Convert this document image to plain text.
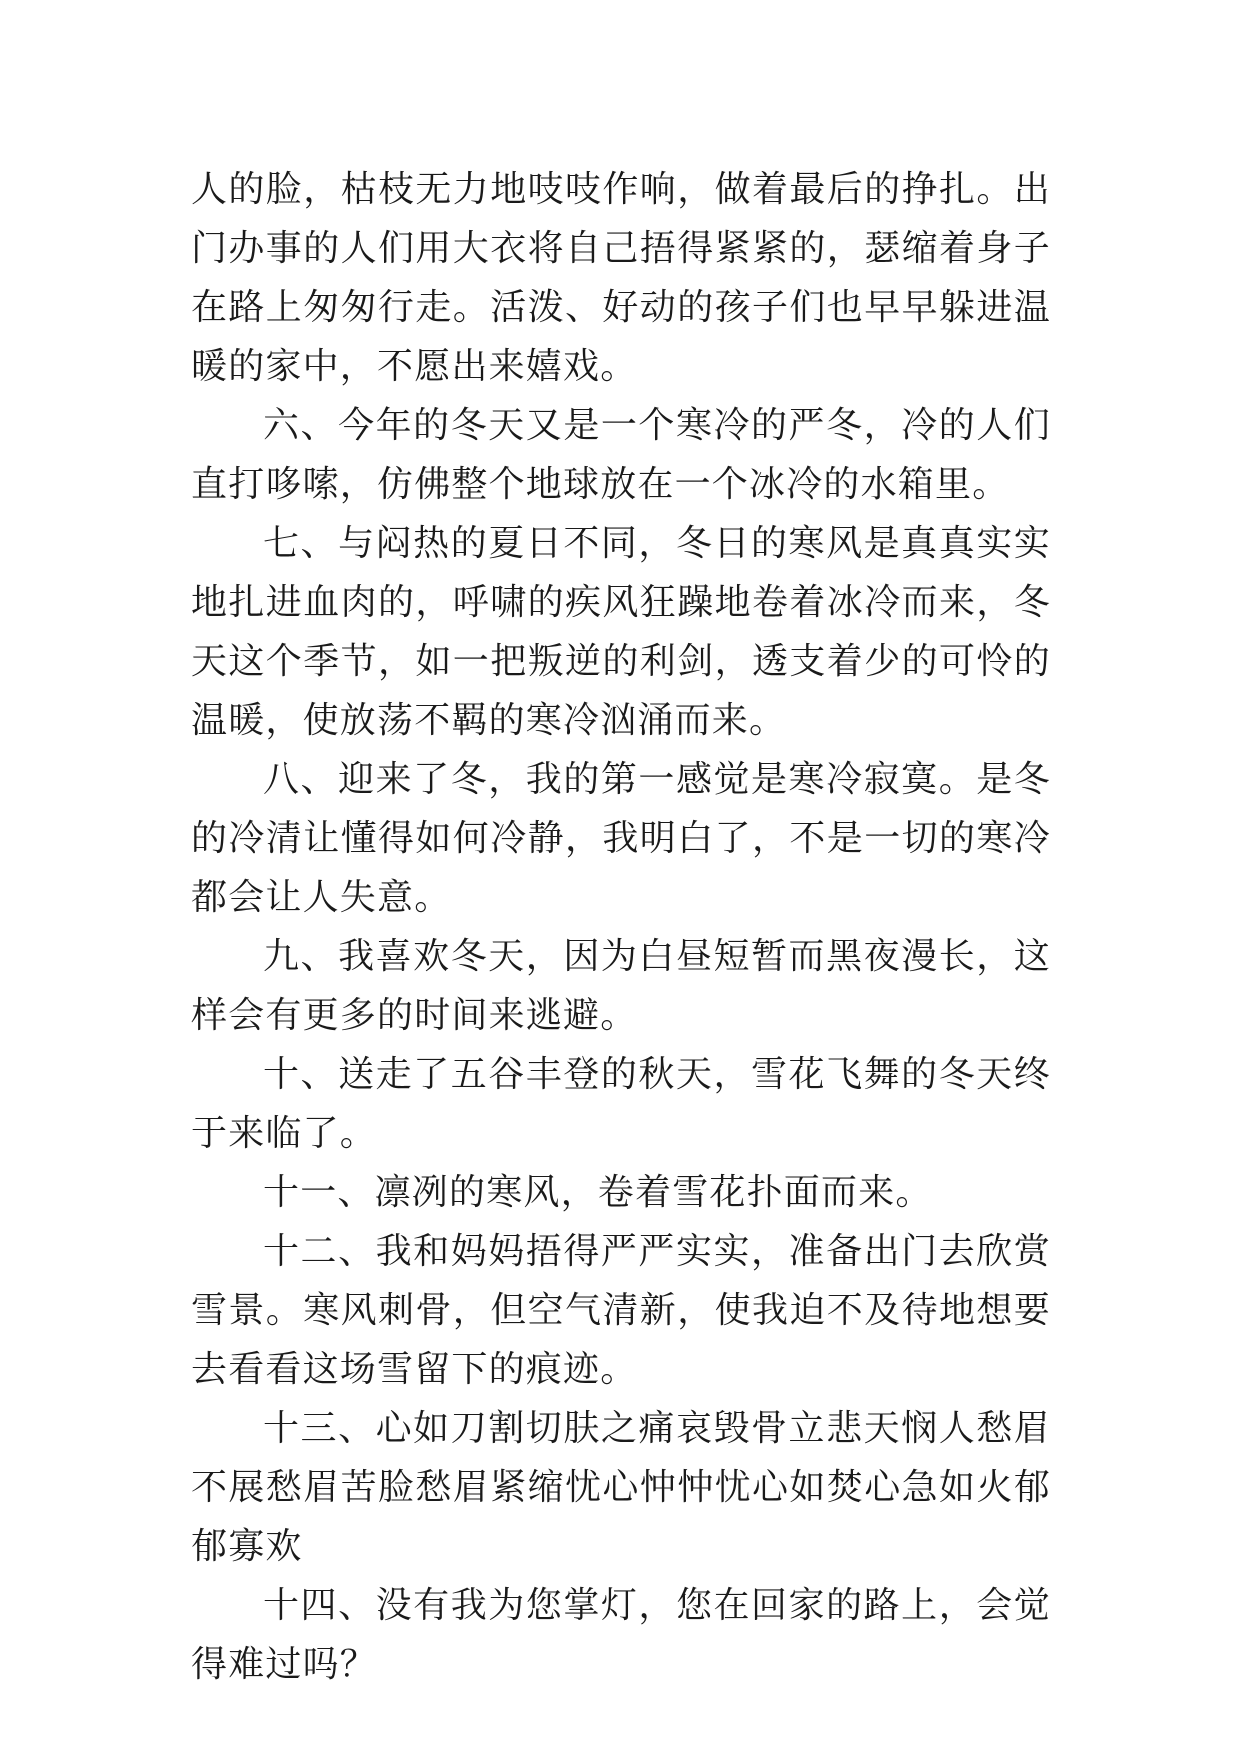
人的脸，枯枝无力地吱吱作响，做着最后的挣扎。出门办事的人们用大衣将自己捂得紧紧的，瑟缩着身子在路上匆匆行走。活泼、好动的孩子们也早早躲进温暖的家中，不愿出来嬉戏。

六、今年的冬天又是一个寒冷的严冬，冷的人们直打哆嗦，仿佛整个地球放在一个冰冷的水箱里。

七、与闷热的夏日不同，冬日的寒风是真真实实地扎进血肉的，呼啸的疾风狂躁地卷着冰冷而来，冬天这个季节，如一把叛逆的利剑，透支着少的可怜的温暖，使放荡不羁的寒冷汹涌而来。

八、迎来了冬，我的第一感觉是寒冷寂寞。是冬的冷清让懂得如何冷静，我明白了，不是一切的寒冷都会让人失意。

九、我喜欢冬天，因为白昼短暂而黑夜漫长，这样会有更多的时间来逃避。

十、送走了五谷丰登的秋天，雪花飞舞的冬天终于来临了。

十一、凛冽的寒风，卷着雪花扑面而来。

十二、我和妈妈捂得严严实实，准备出门去欣赏雪景。寒风刺骨，但空气清新，使我迫不及待地想要去看看这场雪留下的痕迹。

十三、心如刀割切肤之痛哀毁骨立悲天悯人愁眉不展愁眉苦脸愁眉紧缩忧心忡忡忧心如焚心急如火郁郁寡欢

十四、没有我为您掌灯，您在回家的路上，会觉得难过吗？
